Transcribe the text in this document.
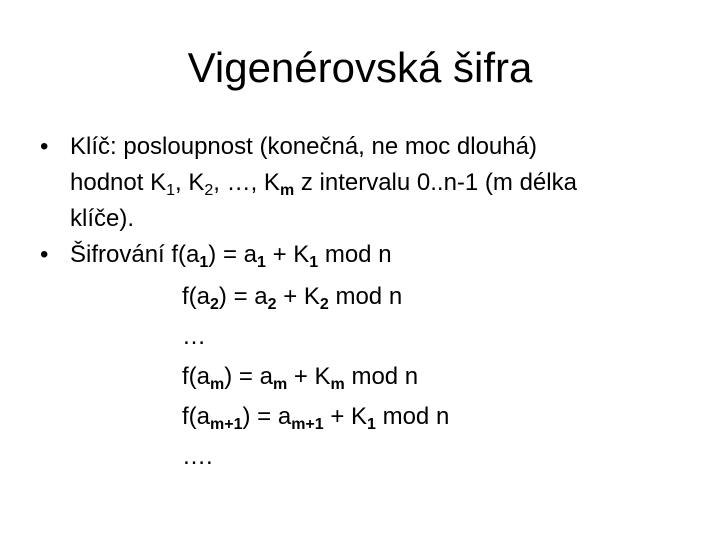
Vigenérovská šifra
• Klíč: posloupnost (konečná, ne moc dlouhá)
hodnot $K_1$, $K_2$, …, $K_m$ z intervalu 0..n-1 (m délka
klíče).
• Šifrování $f(a_1) = a_1 + K_1$ mod n
$f(a_2) = a_2 + K_2$ mod n
…
$f(a_m) = a_m + K_m$ mod n
$f(a_{m+1}) = a_{m+1} + K_1$ mod n
….
